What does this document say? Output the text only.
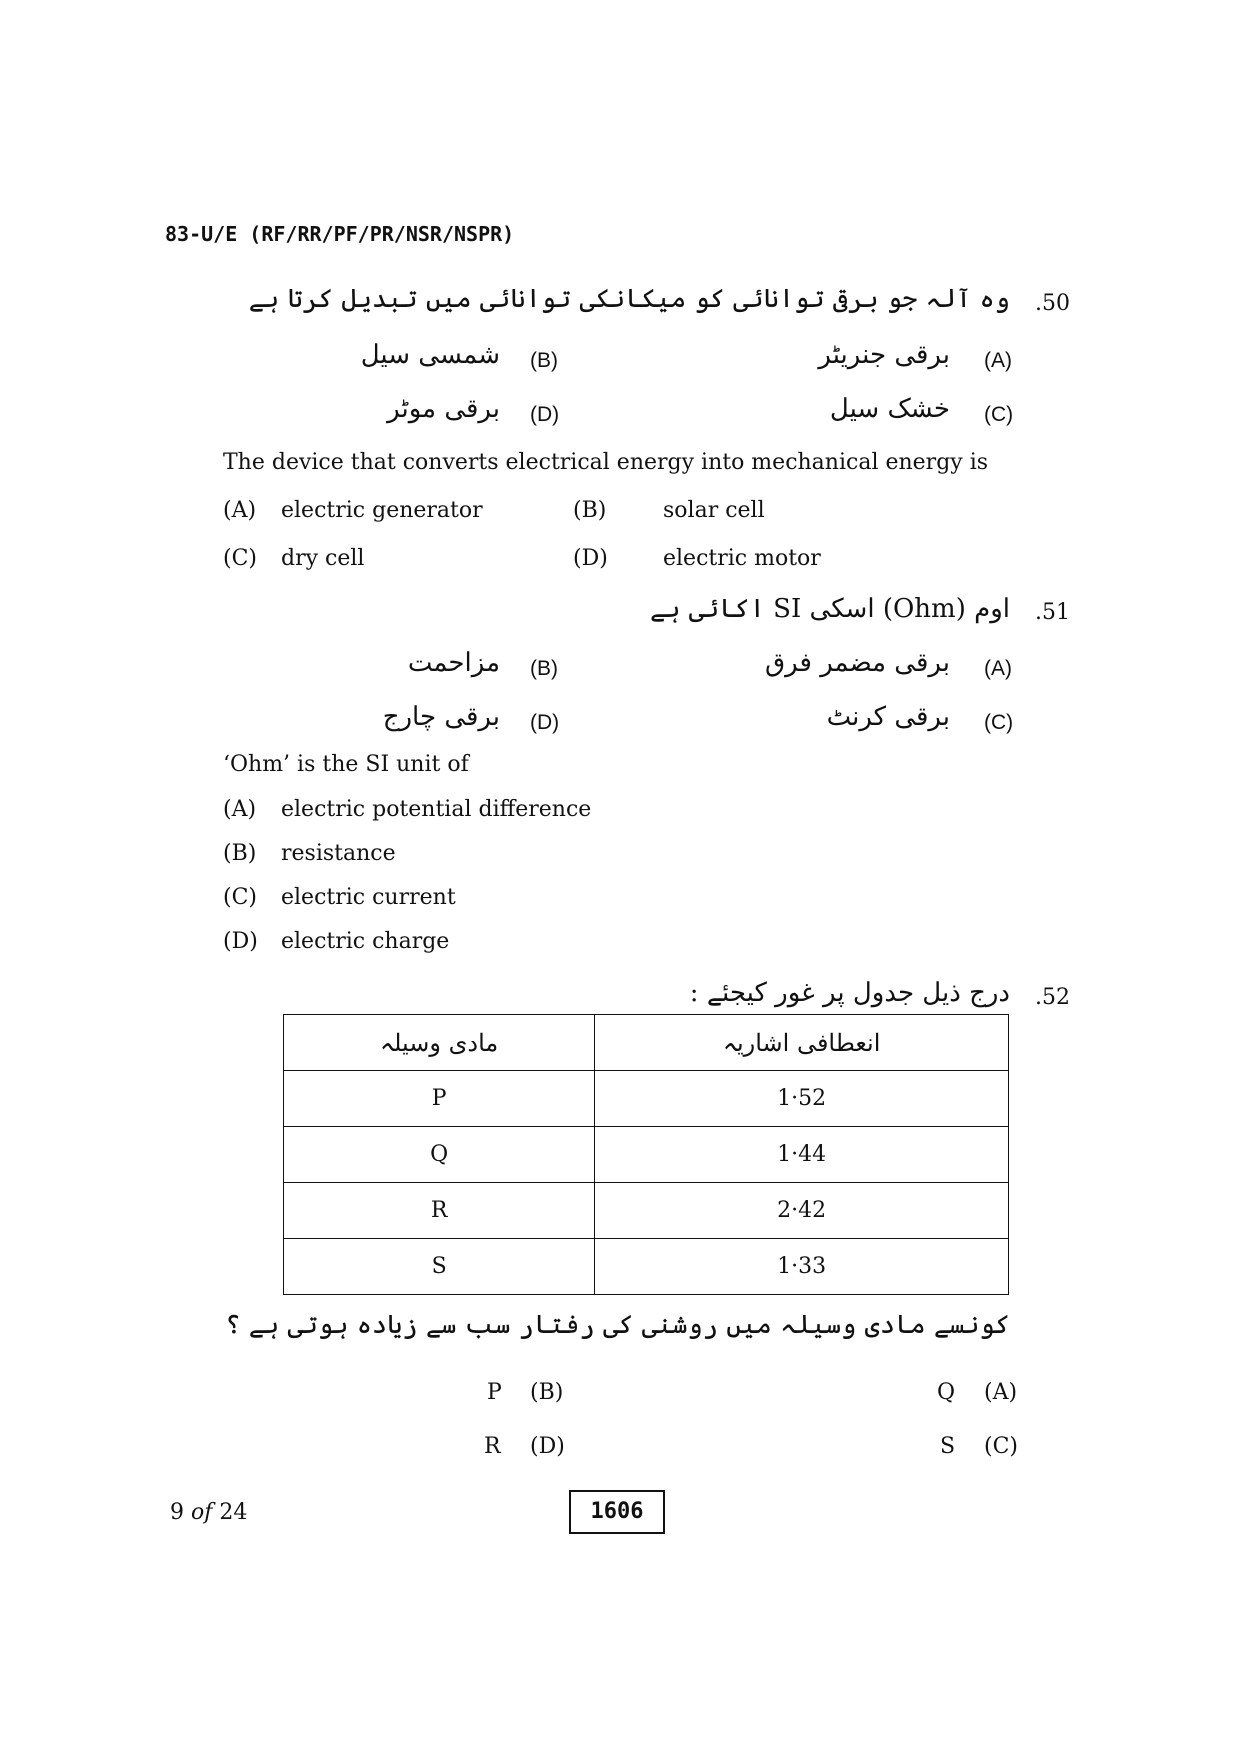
83-U/E (RF/RR/PF/PR/NSR/NSPR)
.50
وہ آلہ جو برقی توانائی کو میکانکی توانائی میں تبدیل کرتا ہے
(A)
برقی جنریٹر
(B)
شمسی سیل
(C)
خشک سیل
(D)
برقی موٹر
The device that converts electrical energy into mechanical energy is
(A) electric generator	(B)	solar cell
(C) dry cell	(D)	electric motor
.51
اوم (Ohm) اسکی SI اکائی ہے
(A)
برقی مضمر فرق
(B)
مزاحمت
(C)
برقی کرنٹ
(D)
برقی چارج
‘Ohm’ is the SI unit of
(A) electric potential difference
(B) resistance
(C) electric current
(D) electric charge
.52
درج ذیل جدول پر غور کیجئے :
مادی وسیلہ	انعطافی اشاریہ
P	1·52
Q	1·44
R	2·42
S	1·33
کونسے مادی وسیلہ میں روشنی کی رفتار سب سے زیادہ ہوتی ہے ؟
(A)
Q
(B)
P
(C)
S
(D)
R
9 of 24	1606
